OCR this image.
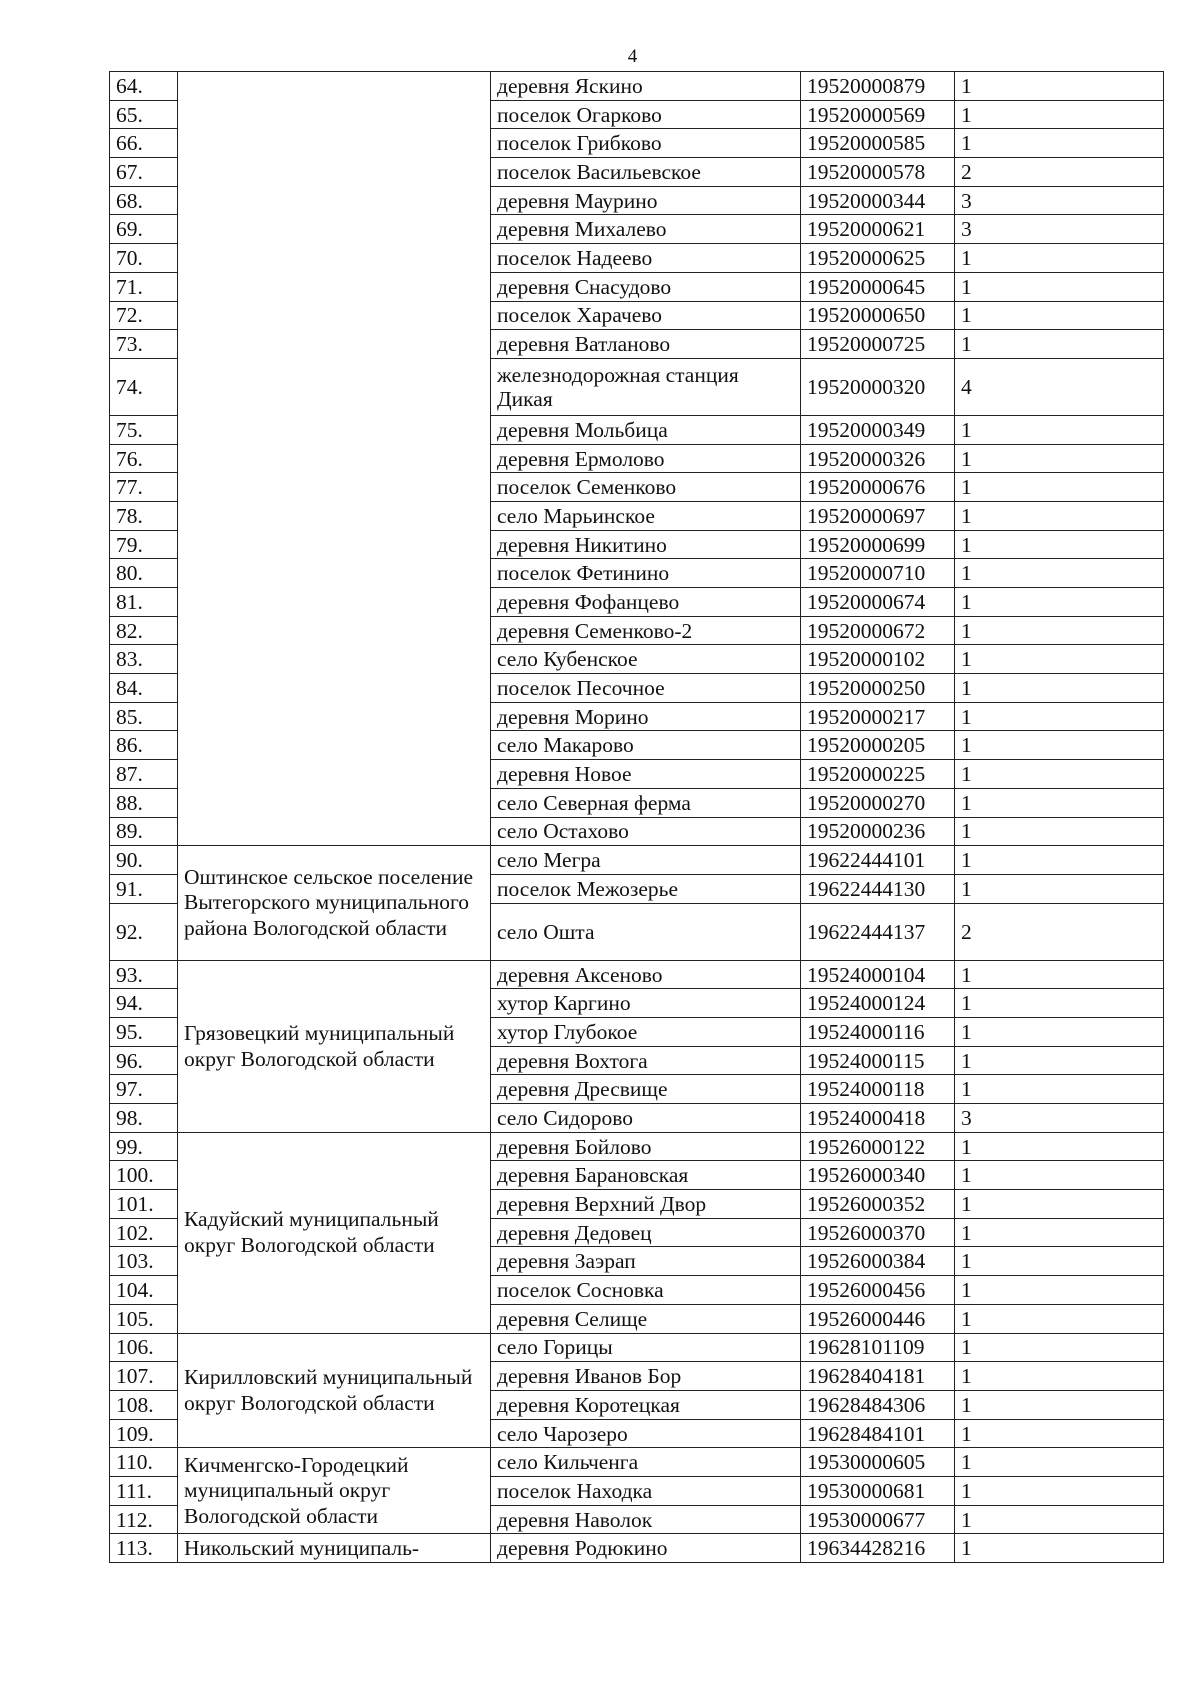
4
64.		деревня Яскино	19520000879	1
65.		поселок Огарково	19520000569	1
66.		поселок Грибково	19520000585	1
67.		поселок Васильевское	19520000578	2
68.		деревня Маурино	19520000344	3
69.		деревня Михалево	19520000621	3
70.		поселок Надеево	19520000625	1
71.		деревня Снасудово	19520000645	1
72.		поселок Харачево	19520000650	1
73.		деревня Ватланово	19520000725	1
74.		железнодорожная станция Дикая	19520000320	4
75.		деревня Мольбица	19520000349	1
76.		деревня Ермолово	19520000326	1
77.		поселок Семенково	19520000676	1
78.		село Марьинское	19520000697	1
79.		деревня Никитино	19520000699	1
80.		поселок Фетинино	19520000710	1
81.		деревня Фофанцево	19520000674	1
82.		деревня Семенково-2	19520000672	1
83.		село Кубенское	19520000102	1
84.		поселок Песочное	19520000250	1
85.		деревня Морино	19520000217	1
86.		село Макарово	19520000205	1
87.		деревня Новое	19520000225	1
88.		село Северная ферма	19520000270	1
89.		село Остахово	19520000236	1
90.	Оштинское сельское поселение Вытегорского муниципального района Вологодской области	село Мегра	19622444101	1
91.		поселок Межозерье	19622444130	1
92.		село Ошта	19622444137	2
93.	Грязовецкий муниципальный округ Вологодской области	деревня Аксеново	19524000104	1
94.		хутор Каргино	19524000124	1
95.		хутор Глубокое	19524000116	1
96.		деревня Вохтога	19524000115	1
97.		деревня Дресвище	19524000118	1
98.		село Сидорово	19524000418	3
99.	Кадуйский муниципальный округ Вологодской области	деревня Бойлово	19526000122	1
100.		деревня Барановская	19526000340	1
101.		деревня Верхний Двор	19526000352	1
102.		деревня Дедовец	19526000370	1
103.		деревня Заэрап	19526000384	1
104.		поселок Сосновка	19526000456	1
105.		деревня Селище	19526000446	1
106.	Кирилловский муниципальный округ Вологодской области	село Горицы	19628101109	1
107.		деревня Иванов Бор	19628404181	1
108.		деревня Коротецкая	19628484306	1
109.		село Чарозеро	19628484101	1
110.	Кичменгско-Городецкий муниципальный округ Вологодской области	село Кильченга	19530000605	1
111.		поселок Находка	19530000681	1
112.		деревня Наволок	19530000677	1
113.	Никольский муниципаль-	деревня Родюкино	19634428216	1
